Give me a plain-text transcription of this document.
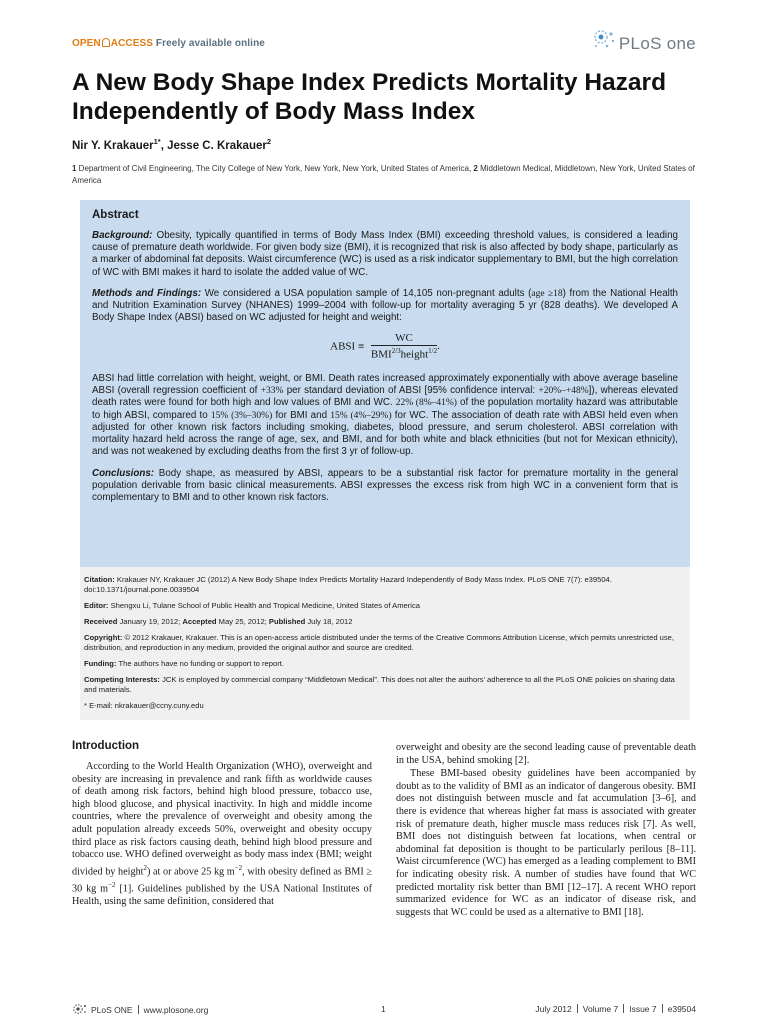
OPEN ACCESS Freely available online	PLoS one
A New Body Shape Index Predicts Mortality Hazard Independently of Body Mass Index
Nir Y. Krakauer$^{1*}$, Jesse C. Krakauer$^2$
1 Department of Civil Engineering, The City College of New York, New York, New York, United States of America, 2 Middletown Medical, Middletown, New York, United States of America
Abstract

Background: Obesity, typically quantified in terms of Body Mass Index (BMI) exceeding threshold values, is considered a leading cause of premature death worldwide. For given body size (BMI), it is recognized that risk is also affected by body shape, particularly as a marker of abdominal fat deposits. Waist circumference (WC) is used as a risk indicator supplementary to BMI, but the high correlation of WC with BMI makes it hard to isolate the added value of WC.

Methods and Findings: We considered a USA population sample of 14,105 non-pregnant adults (age ≥18) from the National Health and Nutrition Examination Survey (NHANES) 1999–2004 with follow-up for mortality averaging 5 yr (828 deaths). We developed A Body Shape Index (ABSI) based on WC adjusted for height and weight:

ABSI ≡ $\frac{WC}{BMI^{2/3}height^{1/2}}$ .

ABSI had little correlation with height, weight, or BMI. Death rates increased approximately exponentially with above average baseline ABSI (overall regression coefficient of +33% per standard deviation of ABSI [95% confidence interval: +20%–+48%]), whereas elevated death rates were found for both high and low values of BMI and WC. 22% (8%–41%) of the population mortality hazard was attributable to high ABSI, compared to 15% (3%–30%) for BMI and 15% (4%–29%) for WC. The association of death rate with ABSI held even when adjusted for other known risk factors including smoking, diabetes, blood pressure, and serum cholesterol. ABSI correlation with mortality hazard held across the range of age, sex, and BMI, and for both white and black ethnicities (but not for Mexican ethnicity), and was not weakened by excluding deaths from the first 3 yr of follow-up.

Conclusions: Body shape, as measured by ABSI, appears to be a substantial risk factor for premature mortality in the general population derivable from basic clinical measurements. ABSI expresses the excess risk from high WC in a convenient form that is complementary to BMI and to other known risk factors.

Citation: Krakauer NY, Krakauer JC (2012) A New Body Shape Index Predicts Mortality Hazard Independently of Body Mass Index. PLoS ONE 7(7): e39504. doi:10.1371/journal.pone.0039504

Editor: Shengxu Li, Tulane School of Public Health and Tropical Medicine, United States of America

Received January 19, 2012; Accepted May 25, 2012; Published July 18, 2012

Copyright: © 2012 Krakauer, Krakauer. This is an open-access article distributed under the terms of the Creative Commons Attribution License, which permits unrestricted use, distribution, and reproduction in any medium, provided the original author and source are credited.

Funding: The authors have no funding or support to report.

Competing Interests: JCK is employed by commercial company “Middletown Medical”. This does not alter the authors’ adherence to all the PLoS ONE policies on sharing data and materials.

* E-mail: nkrakauer@ccny.cuny.edu

Introduction

According to the World Health Organization (WHO), overweight and obesity are increasing in prevalence and rank fifth as worldwide causes of death among risk factors, behind high blood pressure, tobacco use, high blood glucose, and physical inactivity. In high and middle income countries, where the prevalence of overweight and obesity among the adult population already exceeds 50%, overweight and obesity occupy third place as risk factors causing death, behind high blood pressure and tobacco use. WHO defined overweight as body mass index (BMI; weight divided by height$^2$) at or above 25 kg $m^{-2}$, with obesity defined as BMI ≥ 30 kg $m^{-2}$ [1]. Guidelines published by the USA National Institutes of Health, using the same definition, considered that

overweight and obesity are the second leading cause of preventable death in the USA, behind smoking [2].

These BMI-based obesity guidelines have been accompanied by doubt as to the validity of BMI as an indicator of dangerous obesity. BMI does not distinguish between muscle and fat accumulation [3–6], and there is evidence that whereas higher fat mass is associated with greater risk of premature death, higher muscle mass reduces risk [7]. As well, BMI does not distinguish between fat locations, when central or abdominal fat deposition is thought to be particularly perilous [8–11]. Waist circumference (WC) has emerged as a leading complement to BMI for indicating obesity risk. A number of studies have found that WC predicted mortality risk better than BMI [12–17]. A recent WHO report summarized evidence for WC as an indicator of disease risk, and suggests that WC could be used as a alternative to BMI [18].

PLoS ONE www.plosone.org	1	July 2012 Volume 7 Issue 7 e39504
